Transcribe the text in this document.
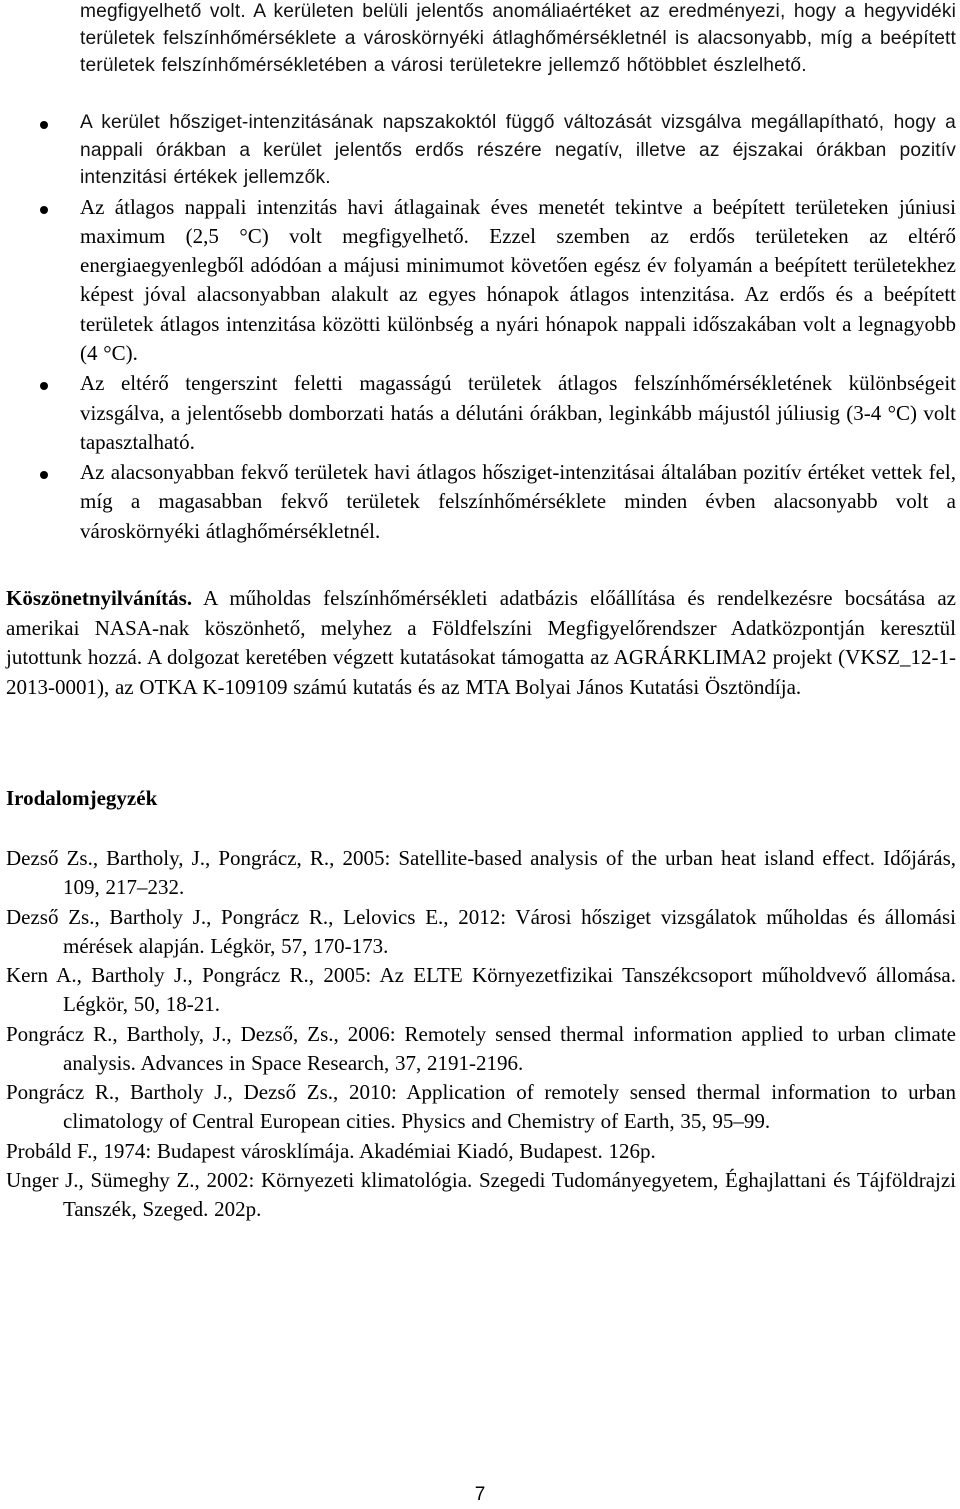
megfigyelhető volt. A kerületen belüli jelentős anomáliaértéket az eredményezi, hogy a hegyvidéki területek felszínhőmérséklete a városkörnyéki átlaghőmérsékletnél is alacsonyabb, míg a beépített területek felszínhőmérsékletében a városi területekre jellemző hőtöbblet észlelhető.

A kerület hősziget-intenzitásának napszakoktól függő változását vizsgálva megállapítható, hogy a nappali órákban a kerület jelentős erdős részére negatív, illetve az éjszakai órákban pozitív intenzitási értékek jellemzők.

Az átlagos nappali intenzitás havi átlagainak éves menetét tekintve a beépített területeken júniusi maximum (2,5 °C) volt megfigyelhető. Ezzel szemben az erdős területeken az eltérő energiaegyenlegből adódóan a májusi minimumot követően egész év folyamán a beépített területekhez képest jóval alacsonyabban alakult az egyes hónapok átlagos intenzitása. Az erdős és a beépített területek átlagos intenzitása közötti különbség a nyári hónapok nappali időszakában volt a legnagyobb (4 °C).

Az eltérő tengerszint feletti magasságú területek átlagos felszínhőmérsékletének különbségeit vizsgálva, a jelentősebb domborzati hatás a délutáni órákban, leginkább májustól júliusig (3-4 °C) volt tapasztalható.

Az alacsonyabban fekvő területek havi átlagos hősziget-intenzitásai általában pozitív értéket vettek fel, míg a magasabban fekvő területek felszínhőmérséklete minden évben alacsonyabb volt a városkörnyéki átlaghőmérsékletnél.

Köszönetnyilvánítás. A műholdas felszínhőmérsékleti adatbázis előállítása és rendelkezésre bocsátása az amerikai NASA-nak köszönhető, melyhez a Földfelszíni Megfigyelőrendszer Adatközpontján keresztül jutottunk hozzá. A dolgozat keretében végzett kutatásokat támogatta az AGRÁRKLIMA2 projekt (VKSZ_12-1-2013-0001), az OTKA K-109109 számú kutatás és az MTA Bolyai János Kutatási Ösztöndíja.

Irodalomjegyzék
Dezső Zs., Bartholy, J., Pongrácz, R., 2005: Satellite-based analysis of the urban heat island effect. Időjárás, 109, 217–232.
Dezső Zs., Bartholy J., Pongrácz R., Lelovics E., 2012: Városi hősziget vizsgálatok műholdas és állomási mérések alapján. Légkör, 57, 170-173.
Kern A., Bartholy J., Pongrácz R., 2005: Az ELTE Környezetfizikai Tanszékcsoport műholdvevő állomása. Légkör, 50, 18-21.
Pongrácz R., Bartholy, J., Dezső, Zs., 2006: Remotely sensed thermal information applied to urban climate analysis. Advances in Space Research, 37, 2191-2196.
Pongrácz R., Bartholy J., Dezső Zs., 2010: Application of remotely sensed thermal information to urban climatology of Central European cities. Physics and Chemistry of Earth, 35, 95–99.
Probáld F., 1974: Budapest városklímája. Akadémiai Kiadó, Budapest. 126p.
Unger J., Sümeghy Z., 2002: Környezeti klimatológia. Szegedi Tudományegyetem, Éghajlattani és Tájföldrajzi Tanszék, Szeged. 202p.

7
